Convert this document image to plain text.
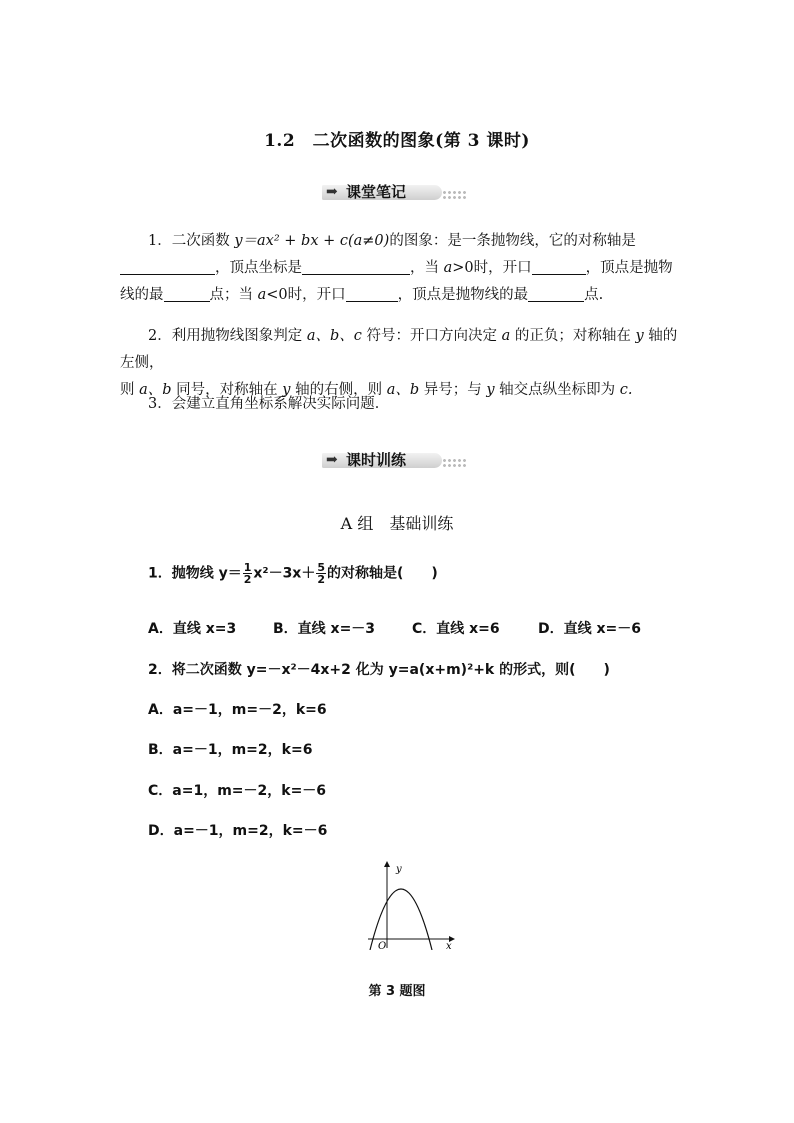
1.2　二次函数的图象(第 3 课时)
➡ 课堂笔记
1．二次函数 y＝ax² + bx + c(a≠0)的图象：是一条抛物线，它的对称轴是
，顶点坐标是	，当 a>0时，开口	，顶点是抛物
线的最	点；当 a<0时，开口	，顶点是抛物线的最	点.
2．利用抛物线图象判定 a、b、c 符号：开口方向决定 a 的正负；对称轴在 y 轴的左侧，
则 a、b 同号，对称轴在 y 轴的右侧，则 a、b 异号；与 y 轴交点纵坐标即为 c.
3．会建立直角坐标系解决实际问题．
➡ 课时训练
A 组　基础训练
1．抛物线 $y= \frac{1}{2} x^2-3x+ \frac{5}{2}$ 的对称轴是(　　)
A．直线 x=3	B．直线 x=－3	C．直线 x=6	D．直线 x=－6
2．将二次函数 y=－x²－4x+2 化为 y=a(x+m)²+k 的形式，则(　　)
A．a=－1，m=－2，k=6
B．a=－1，m=2，k=6
C．a=1，m=－2，k=－6
D．a=－1，m=2，k=－6
y
x
O
第 3 题图
